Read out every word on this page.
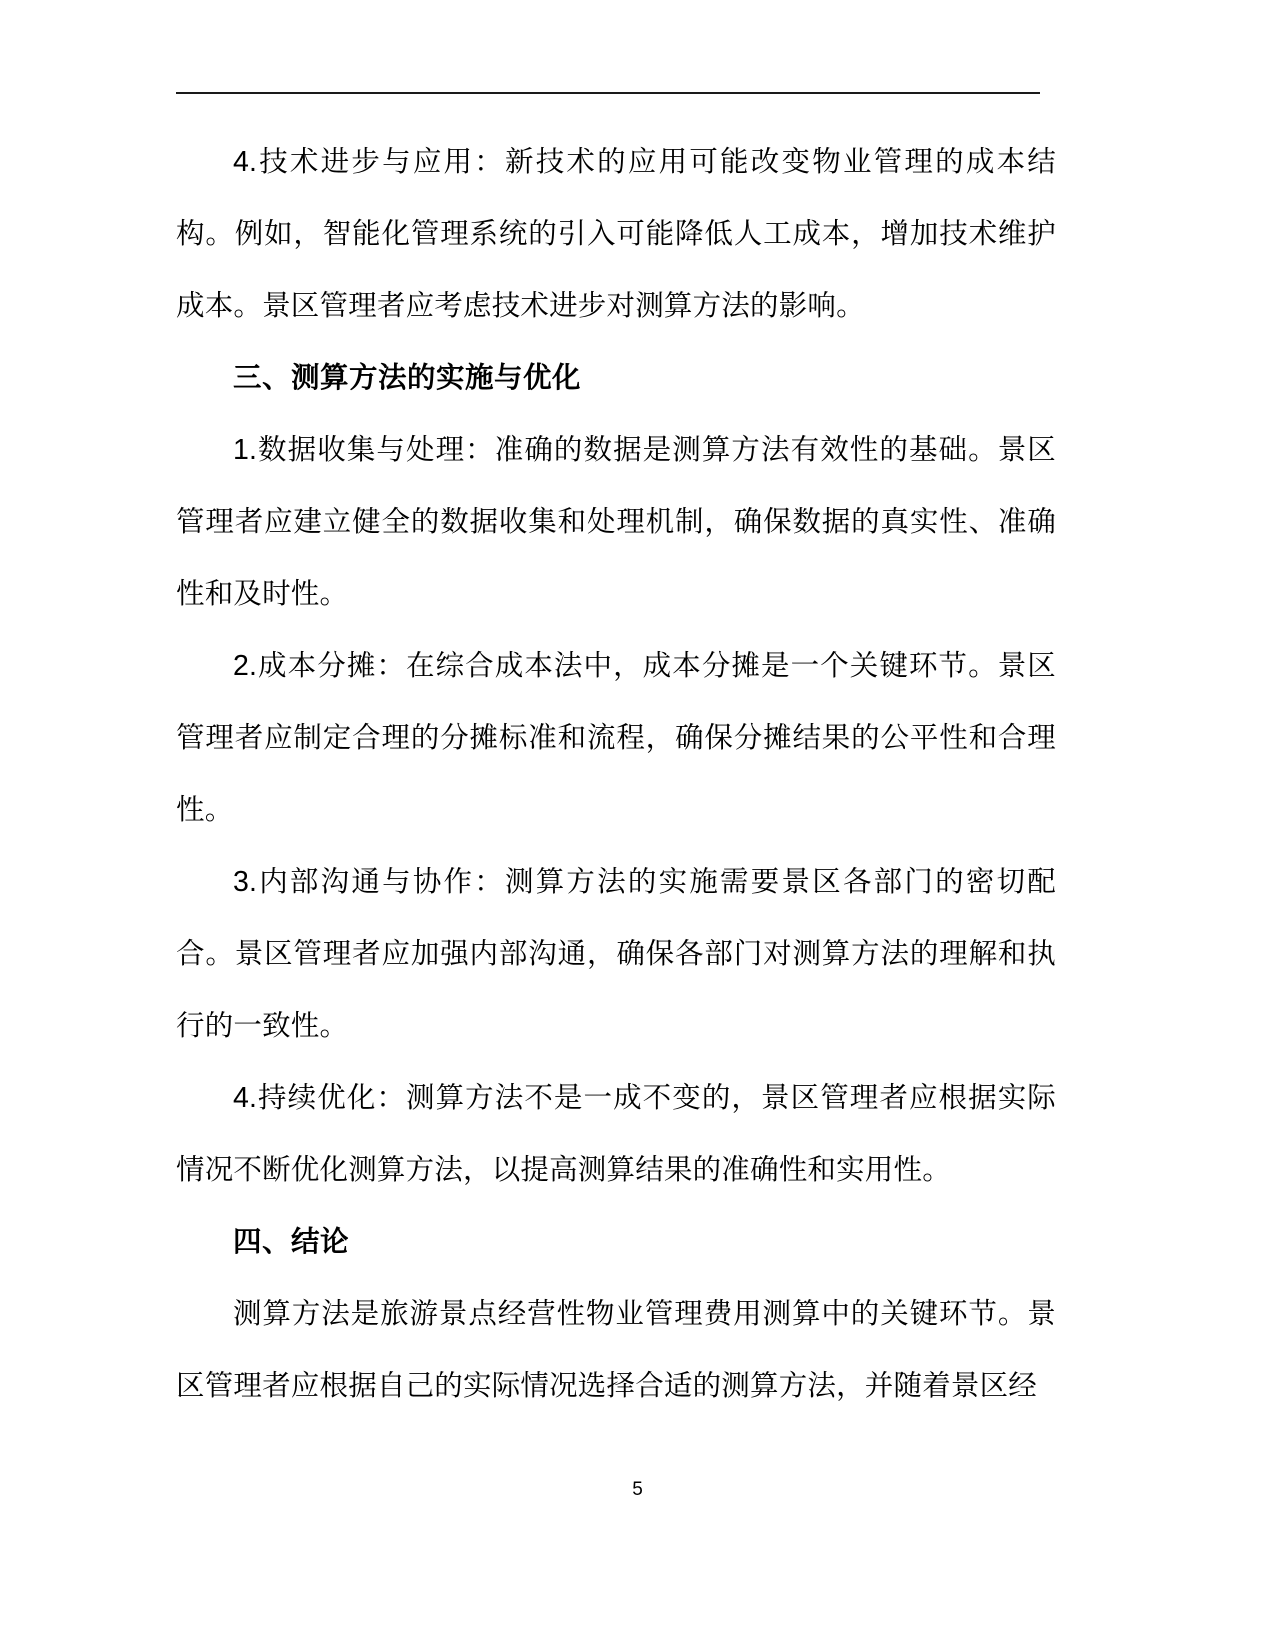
4.技术进步与应用：新技术的应用可能改变物业管理的成本结构。例如，智能化管理系统的引入可能降低人工成本，增加技术维护成本。景区管理者应考虑技术进步对测算方法的影响。

三、测算方法的实施与优化

1.数据收集与处理：准确的数据是测算方法有效性的基础。景区管理者应建立健全的数据收集和处理机制，确保数据的真实性、准确性和及时性。

2.成本分摊：在综合成本法中，成本分摊是一个关键环节。景区管理者应制定合理的分摊标准和流程，确保分摊结果的公平性和合理性。

3.内部沟通与协作：测算方法的实施需要景区各部门的密切配合。景区管理者应加强内部沟通，确保各部门对测算方法的理解和执行的一致性。

4.持续优化：测算方法不是一成不变的，景区管理者应根据实际情况不断优化测算方法，以提高测算结果的准确性和实用性。

四、结论

测算方法是旅游景点经营性物业管理费用测算中的关键环节。景区管理者应根据自己的实际情况选择合适的测算方法，并随着景区经

5
